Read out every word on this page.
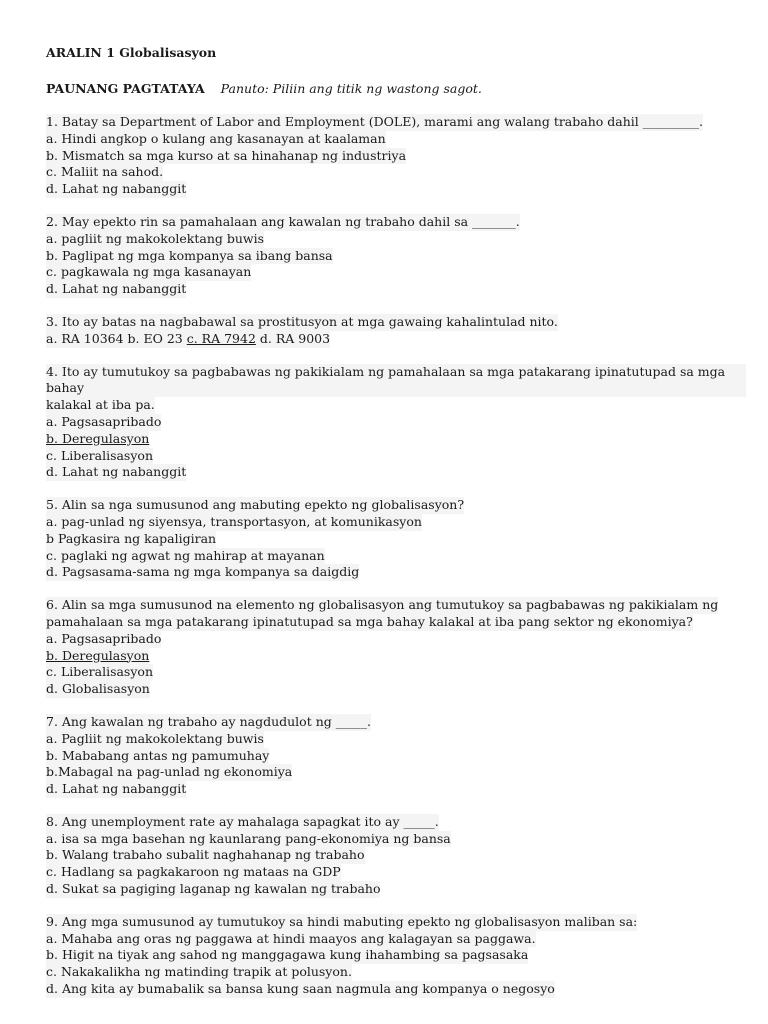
ARALIN 1 Globalisasyon
PAUNANG PAGTATAYA Panuto: Piliin ang titik ng wastong sagot.
1. Batay sa Department of Labor and Employment (DOLE), marami ang walang trabaho dahil _________.
a. Hindi angkop o kulang ang kasanayan at kaalaman
b. Mismatch sa mga kurso at sa hinahanap ng industriya
c. Maliit na sahod.
d. Lahat ng nabanggit
2. May epekto rin sa pamahalaan ang kawalan ng trabaho dahil sa _______.
a. pagliit ng makokolektang buwis
b. Paglipat ng mga kompanya sa ibang bansa
c. pagkawala ng mga kasanayan
d. Lahat ng nabanggit
3. Ito ay batas na nagbabawal sa prostitusyon at mga gawaing kahalintulad nito.
a. RA 10364 b. EO 23 c. RA 7942 d. RA 9003
4. Ito ay tumutukoy sa pagbabawas ng pakikialam ng pamahalaan sa mga patakarang ipinatutupad sa mga bahay
kalakal at iba pa.
a. Pagsasapribado
b. Deregulasyon
c. Liberalisasyon
d. Lahat ng nabanggit
5. Alin sa nga sumusunod ang mabuting epekto ng globalisasyon?
a. pag-unlad ng siyensya, transportasyon, at komunikasyon
b Pagkasira ng kapaligiran
c. paglaki ng agwat ng mahirap at mayanan
d. Pagsasama-sama ng mga kompanya sa daigdig
6. Alin sa mga sumusunod na elemento ng globalisasyon ang tumutukoy sa pagbabawas ng pakikialam ng
pamahalaan sa mga patakarang ipinatutupad sa mga bahay kalakal at iba pang sektor ng ekonomiya?
a. Pagsasapribado
b. Deregulasyon
c. Liberalisasyon
d. Globalisasyon
7. Ang kawalan ng trabaho ay nagdudulot ng _____.
a. Pagliit ng makokolektang buwis
b. Mababang antas ng pamumuhay
b.Mabagal na pag-unlad ng ekonomiya
d. Lahat ng nabanggit
8. Ang unemployment rate ay mahalaga sapagkat ito ay _____.
a. isa sa mga basehan ng kaunlarang pang-ekonomiya ng bansa
b. Walang trabaho subalit naghahanap ng trabaho
c. Hadlang sa pagkakaroon ng mataas na GDP
d. Sukat sa pagiging laganap ng kawalan ng trabaho
9. Ang mga sumusunod ay tumutukoy sa hindi mabuting epekto ng globalisasyon maliban sa:
a. Mahaba ang oras ng paggawa at hindi maayos ang kalagayan sa paggawa.
b. Higit na tiyak ang sahod ng manggagawa kung ihahambing sa pagsasaka
c. Nakakalikha ng matinding trapik at polusyon.
d. Ang kita ay bumabalik sa bansa kung saan nagmula ang kompanya o negosyo
